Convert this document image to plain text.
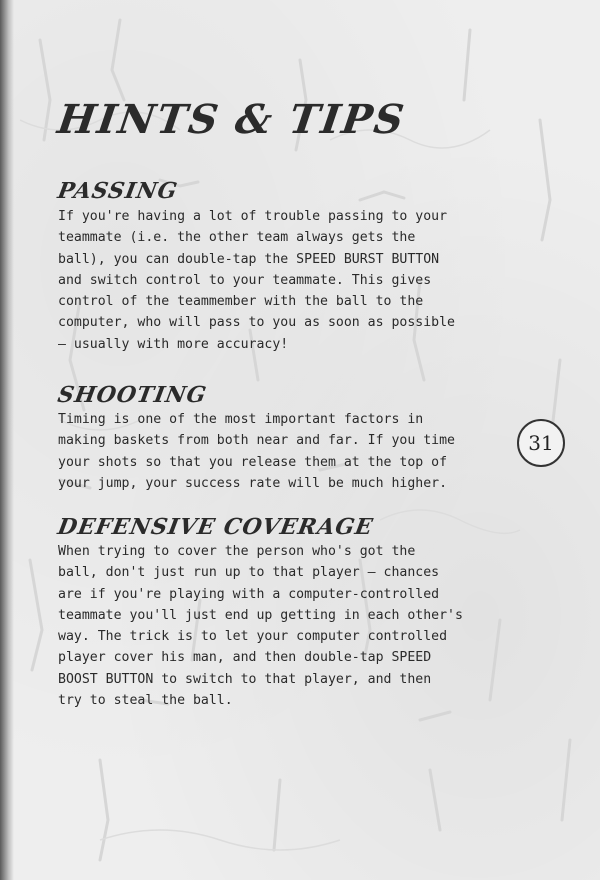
HINTS & TIPS
PASSING

If you're having a lot of trouble passing to your
teammate (i.e. the other team always gets the
ball), you can double-tap the SPEED BURST BUTTON
and switch control to your teammate. This gives
control of the teammember with the ball to the
computer, who will pass to you as soon as possible
— usually with more accuracy!

SHOOTING

Timing is one of the most important factors in
making baskets from both near and far. If you time
your shots so that you release them at the top of
your jump, your success rate will be much higher.

DEFENSIVE COVERAGE

When trying to cover the person who's got the
ball, don't just run up to that player — chances
are if you're playing with a computer-controlled
teammate you'll just end up getting in each other's
way. The trick is to let your computer controlled
player cover his man, and then double-tap SPEED
BOOST BUTTON to switch to that player, and then
try to steal the ball.

31
